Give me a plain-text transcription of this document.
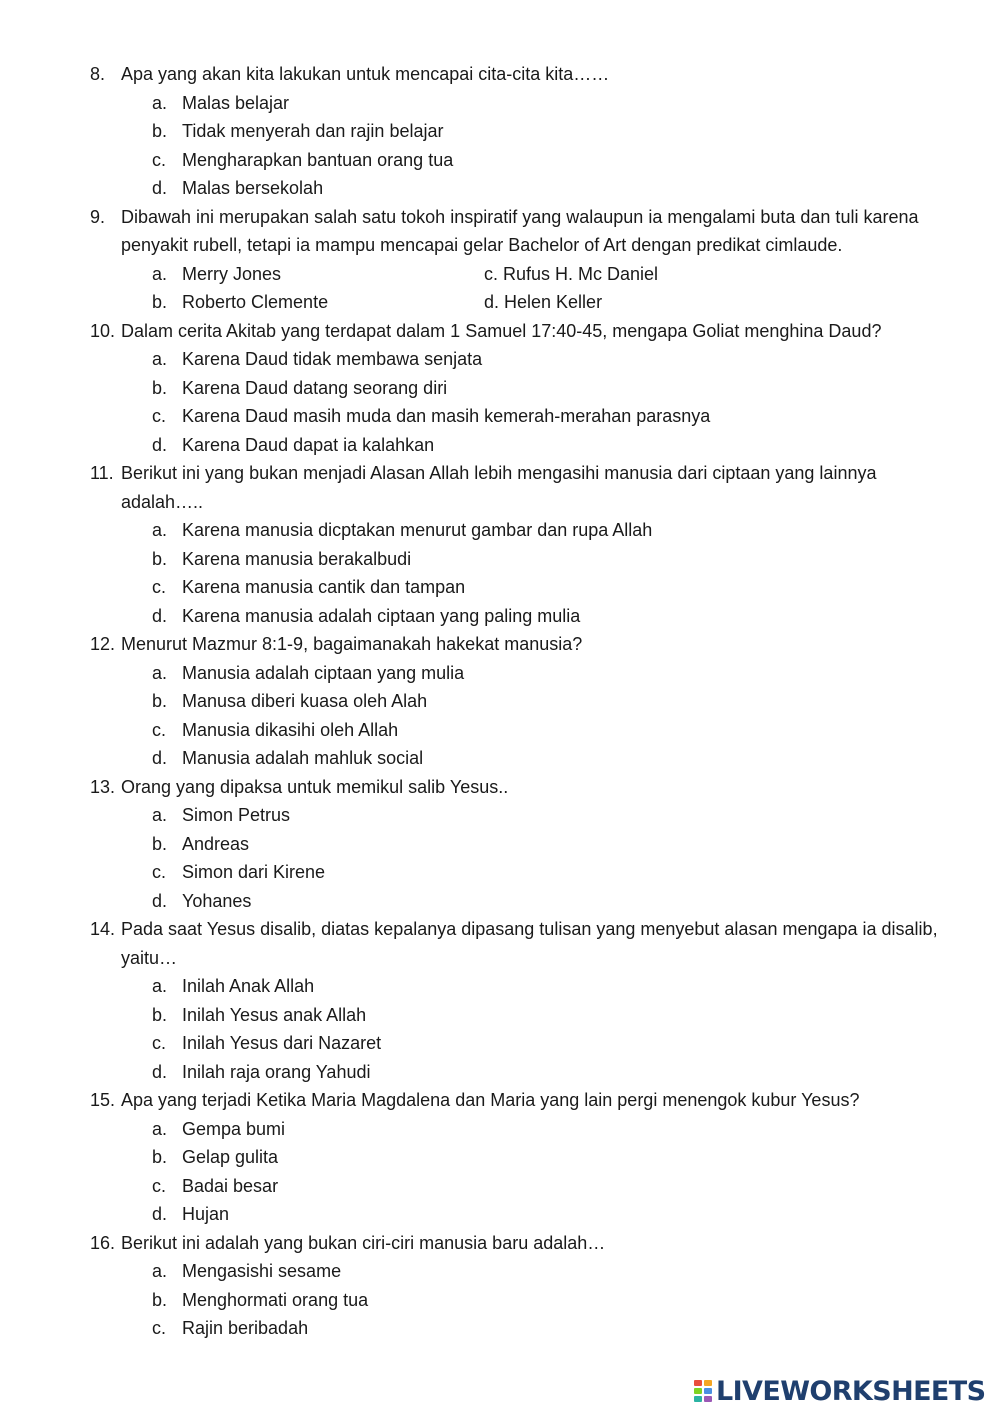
8. Apa yang akan kita lakukan untuk mencapai cita-cita kita……
a. Malas belajar
b. Tidak menyerah dan rajin belajar
c. Mengharapkan bantuan orang tua
d. Malas bersekolah
9. Dibawah ini merupakan salah satu tokoh inspiratif yang walaupun ia mengalami buta dan tuli karena
penyakit rubell, tetapi ia mampu mencapai gelar Bachelor of Art dengan predikat cimlaude.
a. Merry Jones	c. Rufus H. Mc Daniel
b. Roberto Clemente	d. Helen Keller
10. Dalam cerita Akitab yang terdapat dalam 1 Samuel 17:40-45, mengapa Goliat menghina Daud?
a. Karena Daud tidak membawa senjata
b. Karena Daud datang seorang diri
c. Karena Daud masih muda dan masih kemerah-merahan parasnya
d. Karena Daud dapat ia kalahkan
11. Berikut ini yang bukan menjadi Alasan Allah lebih mengasihi manusia dari ciptaan yang lainnya
adalah…..
a. Karena manusia dicptakan menurut gambar dan rupa Allah
b. Karena manusia berakalbudi
c. Karena manusia cantik dan tampan
d. Karena manusia adalah ciptaan yang paling mulia
12. Menurut Mazmur 8:1-9, bagaimanakah hakekat manusia?
a. Manusia adalah ciptaan yang mulia
b. Manusa diberi kuasa oleh Alah
c. Manusia dikasihi oleh Allah
d. Manusia adalah mahluk social
13. Orang yang dipaksa untuk memikul salib Yesus..
a. Simon Petrus
b. Andreas
c. Simon dari Kirene
d. Yohanes
14. Pada saat Yesus disalib, diatas kepalanya dipasang tulisan yang menyebut alasan mengapa ia disalib,
yaitu…
a. Inilah Anak Allah
b. Inilah Yesus anak Allah
c. Inilah Yesus dari Nazaret
d. Inilah raja orang Yahudi
15. Apa yang terjadi Ketika Maria Magdalena dan Maria yang lain pergi menengok kubur Yesus?
a. Gempa bumi
b. Gelap gulita
c. Badai besar
d. Hujan
16. Berikut ini adalah yang bukan ciri-ciri manusia baru adalah…
a. Mengasishi sesame
b. Menghormati orang tua
c. Rajin beribadah
LIVEWORKSHEETS
